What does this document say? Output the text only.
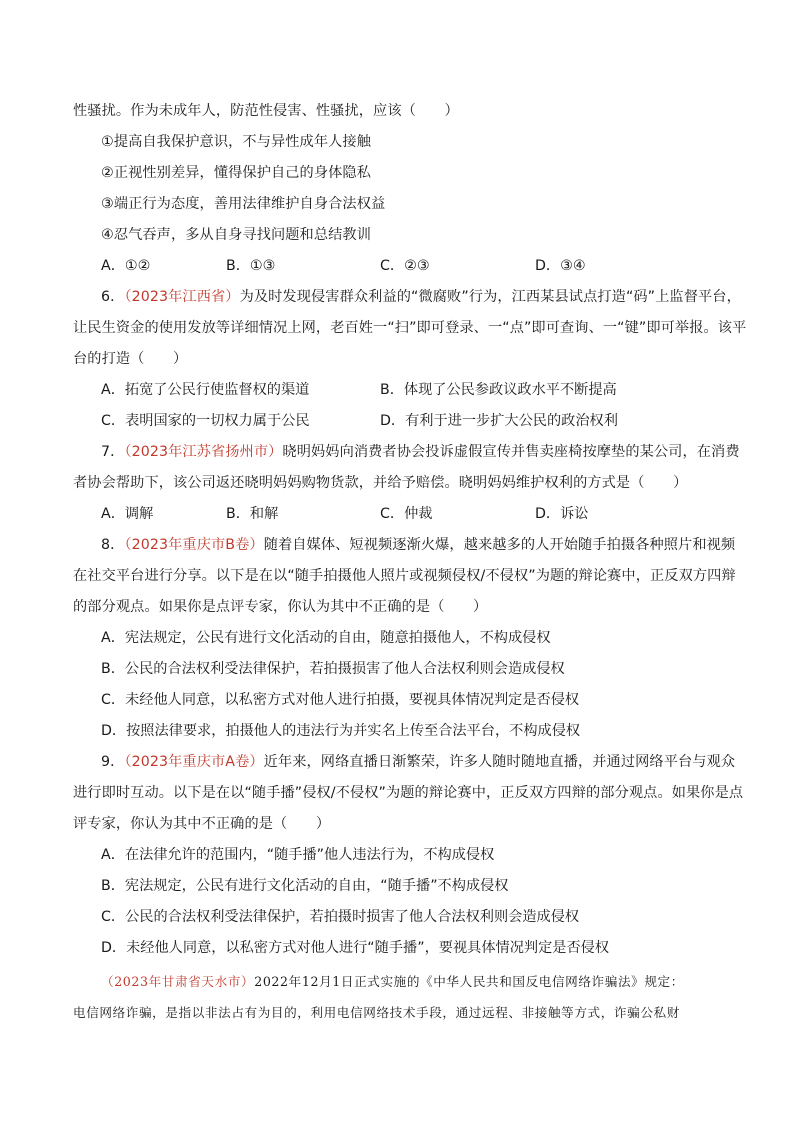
性骚扰。作为未成年人，防范性侵害、性骚扰，应该（　　）
①提高自我保护意识，不与异性成年人接触
②正视性别差异，懂得保护自己的身体隐私
③端正行为态度，善用法律维护自身合法权益
④忍气吞声，多从自身寻找问题和总结教训
A．①②	B．①③	C．②③	D．③④
6．（2023年江西省）为及时发现侵害群众利益的“微腐败”行为，江西某县试点打造“码”上监督平台，
让民生资金的使用发放等详细情况上网，老百姓一“扫”即可登录、一“点”即可查询、一“键”即可举报。该平
台的打造（　　）
A．拓宽了公民行使监督权的渠道	B．体现了公民参政议政水平不断提高
C．表明国家的一切权力属于公民	D．有利于进一步扩大公民的政治权利
7．（2023年江苏省扬州市）晓明妈妈向消费者协会投诉虚假宣传并售卖座椅按摩垫的某公司，在消费
者协会帮助下，该公司返还晓明妈妈购物货款，并给予赔偿。晓明妈妈维护权利的方式是（　　）
A．调解	B．和解	C．仲裁	D．诉讼
8．（2023年重庆市B卷）随着自媒体、短视频逐渐火爆，越来越多的人开始随手拍摄各种照片和视频
在社交平台进行分享。以下是在以“随手拍摄他人照片或视频侵权/不侵权”为题的辩论赛中，正反双方四辩
的部分观点。如果你是点评专家，你认为其中不正确的是（　　）
A．宪法规定，公民有进行文化活动的自由，随意拍摄他人，不构成侵权
B．公民的合法权利受法律保护，若拍摄损害了他人合法权利则会造成侵权
C．未经他人同意，以私密方式对他人进行拍摄，要视具体情况判定是否侵权
D．按照法律要求，拍摄他人的违法行为并实名上传至合法平台，不构成侵权
9．（2023年重庆市A卷）近年来，网络直播日渐繁荣，许多人随时随地直播，并通过网络平台与观众
进行即时互动。以下是在以“随手播”侵权/不侵权”为题的辩论赛中，正反双方四辩的部分观点。如果你是点
评专家，你认为其中不正确的是（　　）
A．在法律允许的范围内，“随手播”他人违法行为，不构成侵权
B．宪法规定，公民有进行文化活动的自由，“随手播”不构成侵权
C．公民的合法权利受法律保护，若拍摄时损害了他人合法权利则会造成侵权
D．未经他人同意，以私密方式对他人进行“随手播”，要视具体情况判定是否侵权
（2023年甘肃省天水市）2022年12月1日正式实施的《中华人民共和国反电信网络诈骗法》规定：
电信网络诈骗，是指以非法占有为目的，利用电信网络技术手段，通过远程、非接触等方式，诈骗公私财
